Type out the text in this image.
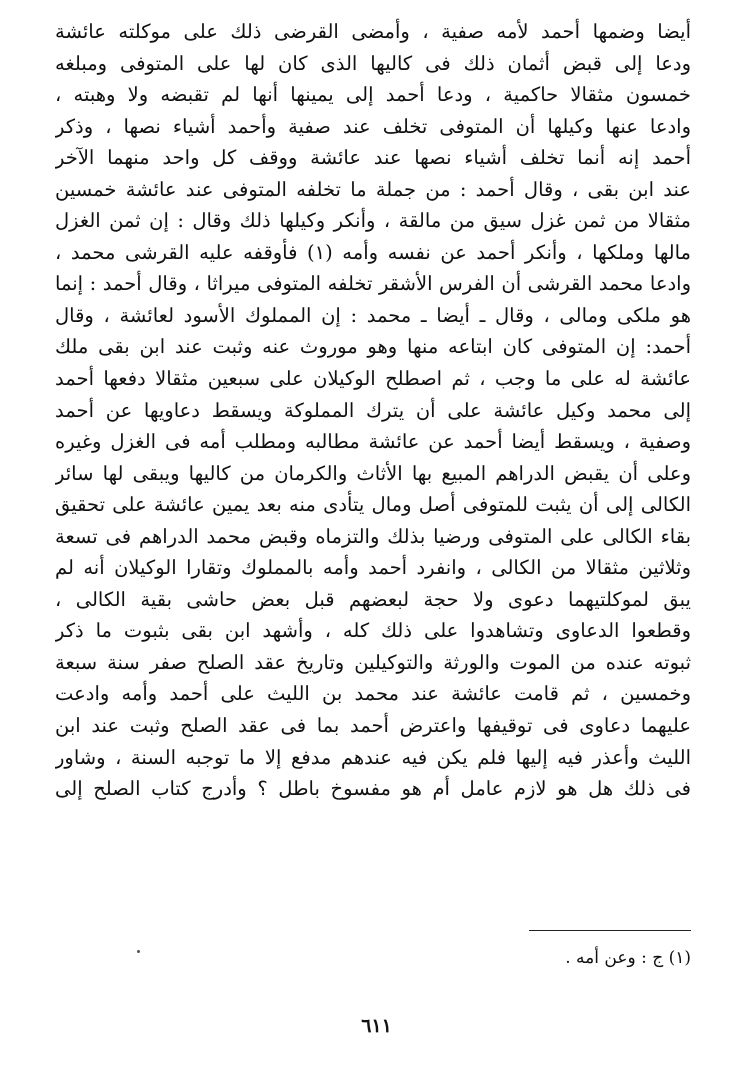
أيضا وضمها أحمد لأمه صفية ، وأمضى القرضى ذلك على موكلته عائشة
ودعا إلى قبض أثمان ذلك فى كاليها الذى كان لها على المتوفى ومبلغه
خمسون مثقالا حاكمية ، ودعا أحمد إلى يمينها أنها لم تقبضه ولا وهبته ،
وادعا عنها وكيلها أن المتوفى تخلف عند صفية وأحمد أشياء نصها ، وذكر
أحمد إنه أنما تخلف أشياء نصها عند عائشة ووقف كل واحد منهما الآخر
عند ابن بقى ، وقال أحمد : من جملة ما تخلفه المتوفى عند عائشة خمسين
مثقالا من ثمن غزل سيق من مالقة ، وأنكر وكيلها ذلك وقال : إن ثمن الغزل
مالها وملكها ، وأنكر أحمد عن نفسه وأمه (١) فأوقفه عليه القرشى محمد ،
وادعا محمد القرشى أن الفرس الأشقر تخلفه المتوفى ميراثا ، وقال أحمد : إنما
هو ملكى ومالى ، وقال ـ أيضا ـ محمد : إن المملوك الأسود لعائشة ، وقال
أحمد: إن المتوفى كان ابتاعه منها وهو موروث عنه وثبت عند ابن بقى ملك
عائشة له على ما وجب ، ثم اصطلح الوكيلان على سبعين مثقالا دفعها أحمد
إلى محمد وكيل عائشة على أن يترك المملوكة ويسقط دعاويها عن أحمد
وصفية ، ويسقط أيضا أحمد عن عائشة مطالبه ومطلب أمه فى الغزل وغيره
وعلى أن يقبض الدراهم المبيع بها الأثاث والكرمان من كاليها ويبقى لها سائر
الكالى إلى أن يثبت للمتوفى أصل ومال يتأدى منه بعد يمين عائشة على تحقيق
بقاء الكالى على المتوفى ورضيا بذلك والتزماه وقبض محمد الدراهم فى تسعة
وثلاثين مثقالا من الكالى ، وانفرد أحمد وأمه بالمملوك وتقارا الوكيلان أنه لم
يبق لموكلتيهما دعوى ولا حجة لبعضهم قبل بعض حاشى بقية الكالى ،
وقطعوا الدعاوى وتشاهدوا على ذلك كله ، وأشهد ابن بقى بثبوت ما ذكر
ثبوته عنده من الموت والورثة والتوكيلين وتاريخ عقد الصلح صفر سنة سبعة
وخمسين ، ثم قامت عائشة عند محمد بن الليث على أحمد وأمه وادعت
عليهما دعاوى فى توقيفها واعترض أحمد بما فى عقد الصلح وثبت عند ابن
الليث وأعذر فيه إليها فلم يكن فيه عندهم مدفع إلا ما توجبه السنة ، وشاور
فى ذلك هل هو لازم عامل أم هو مفسوخ باطل ؟ وأدرج كتاب الصلح إلى
(١) ج : وعن أمه .
٦١١
